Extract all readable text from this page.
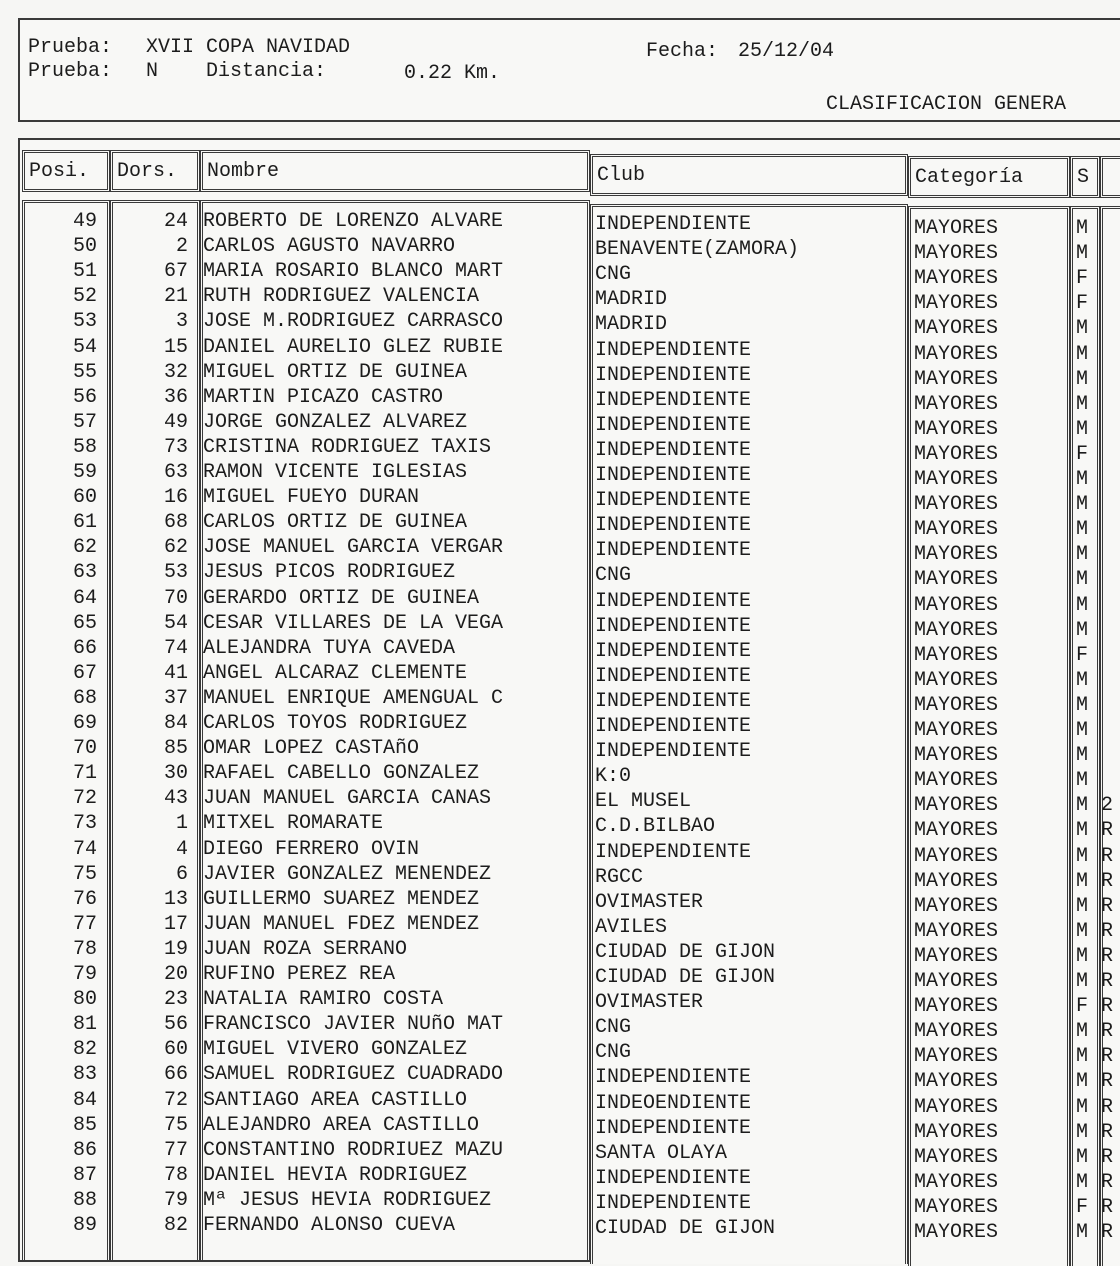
Prueba: XVII COPA NAVIDAD	Fecha: 25/12/04
Prueba: N Distancia:	0.22 Km.
CLASIFICACION GENERA
Posi.	Dors.	Nombre	Club	Categoría	S
49	24 ROBERTO DE LORENZO ALVARE	INDEPENDIENTE	MAYORES	M
50	2 CARLOS AGUSTO NAVARRO	BENAVENTE(ZAMORA)	MAYORES	M
51	67 MARIA ROSARIO BLANCO MART	CNG	MAYORES	F
52	21 RUTH RODRIGUEZ VALENCIA	MADRID	MAYORES	F
53	3 JOSE M.RODRIGUEZ CARRASCO	MADRID	MAYORES	M
54	15 DANIEL AURELIO GLEZ RUBIE	INDEPENDIENTE	MAYORES	M
55	32 MIGUEL ORTIZ DE GUINEA	INDEPENDIENTE	MAYORES	M
56	36 MARTIN PICAZO CASTRO	INDEPENDIENTE	MAYORES	M
57	49 JORGE GONZALEZ ALVAREZ	INDEPENDIENTE	MAYORES	M
58	73 CRISTINA RODRIGUEZ TAXIS	INDEPENDIENTE	MAYORES	F
59	63 RAMON VICENTE IGLESIAS	INDEPENDIENTE	MAYORES	M
60	16 MIGUEL FUEYO DURAN	INDEPENDIENTE	MAYORES	M
61	68 CARLOS ORTIZ DE GUINEA	INDEPENDIENTE	MAYORES	M
62	62 JOSE MANUEL GARCIA VERGAR	INDEPENDIENTE	MAYORES	M
63	53 JESUS PICOS RODRIGUEZ	CNG	MAYORES	M
64	70 GERARDO ORTIZ DE GUINEA	INDEPENDIENTE	MAYORES	M
65	54 CESAR VILLARES DE LA VEGA	INDEPENDIENTE	MAYORES	M
66	74 ALEJANDRA TUYA CAVEDA	INDEPENDIENTE	MAYORES	F
67	41 ANGEL ALCARAZ CLEMENTE	INDEPENDIENTE	MAYORES	M
68	37 MANUEL ENRIQUE AMENGUAL C	INDEPENDIENTE	MAYORES	M
69	84 CARLOS TOYOS RODRIGUEZ	INDEPENDIENTE	MAYORES	M
70	85 OMAR LOPEZ CASTAñO	INDEPENDIENTE	MAYORES	M
71	30 RAFAEL CABELLO GONZALEZ	K:0	MAYORES	M
72	43 JUAN MANUEL GARCIA CANAS	EL MUSEL	MAYORES	M 2
73	1 MITXEL ROMARATE	C.D.BILBAO	MAYORES	M R
74	4 DIEGO FERRERO OVIN	INDEPENDIENTE	MAYORES	M R
75	6 JAVIER GONZALEZ MENENDEZ	RGCC	MAYORES	M R
76	13 GUILLERMO SUAREZ MENDEZ	OVIMASTER	MAYORES	M R
77	17 JUAN MANUEL FDEZ MENDEZ	AVILES	MAYORES	M R
78	19 JUAN ROZA SERRANO	CIUDAD DE GIJON	MAYORES	M R
79	20 RUFINO PEREZ REA	CIUDAD DE GIJON	MAYORES	M R
80	23 NATALIA RAMIRO COSTA	OVIMASTER	MAYORES	F R
81	56 FRANCISCO JAVIER NUñO MAT	CNG	MAYORES	M R
82	60 MIGUEL VIVERO GONZALEZ	CNG	MAYORES	M R
83	66 SAMUEL RODRIGUEZ CUADRADO	INDEPENDIENTE	MAYORES	M R
84	72 SANTIAGO AREA CASTILLO	INDEOENDIENTE	MAYORES	M R
85	75 ALEJANDRO AREA CASTILLO	INDEPENDIENTE	MAYORES	M R
86	77 CONSTANTINO RODRIUEZ MAZU	SANTA OLAYA	MAYORES	M R
87	78 DANIEL HEVIA RODRIGUEZ	INDEPENDIENTE	MAYORES	M R
88	79 Mª JESUS HEVIA RODRIGUEZ	INDEPENDIENTE	MAYORES	F R
89	82 FERNANDO ALONSO CUEVA	CIUDAD DE GIJON	MAYORES	M R
